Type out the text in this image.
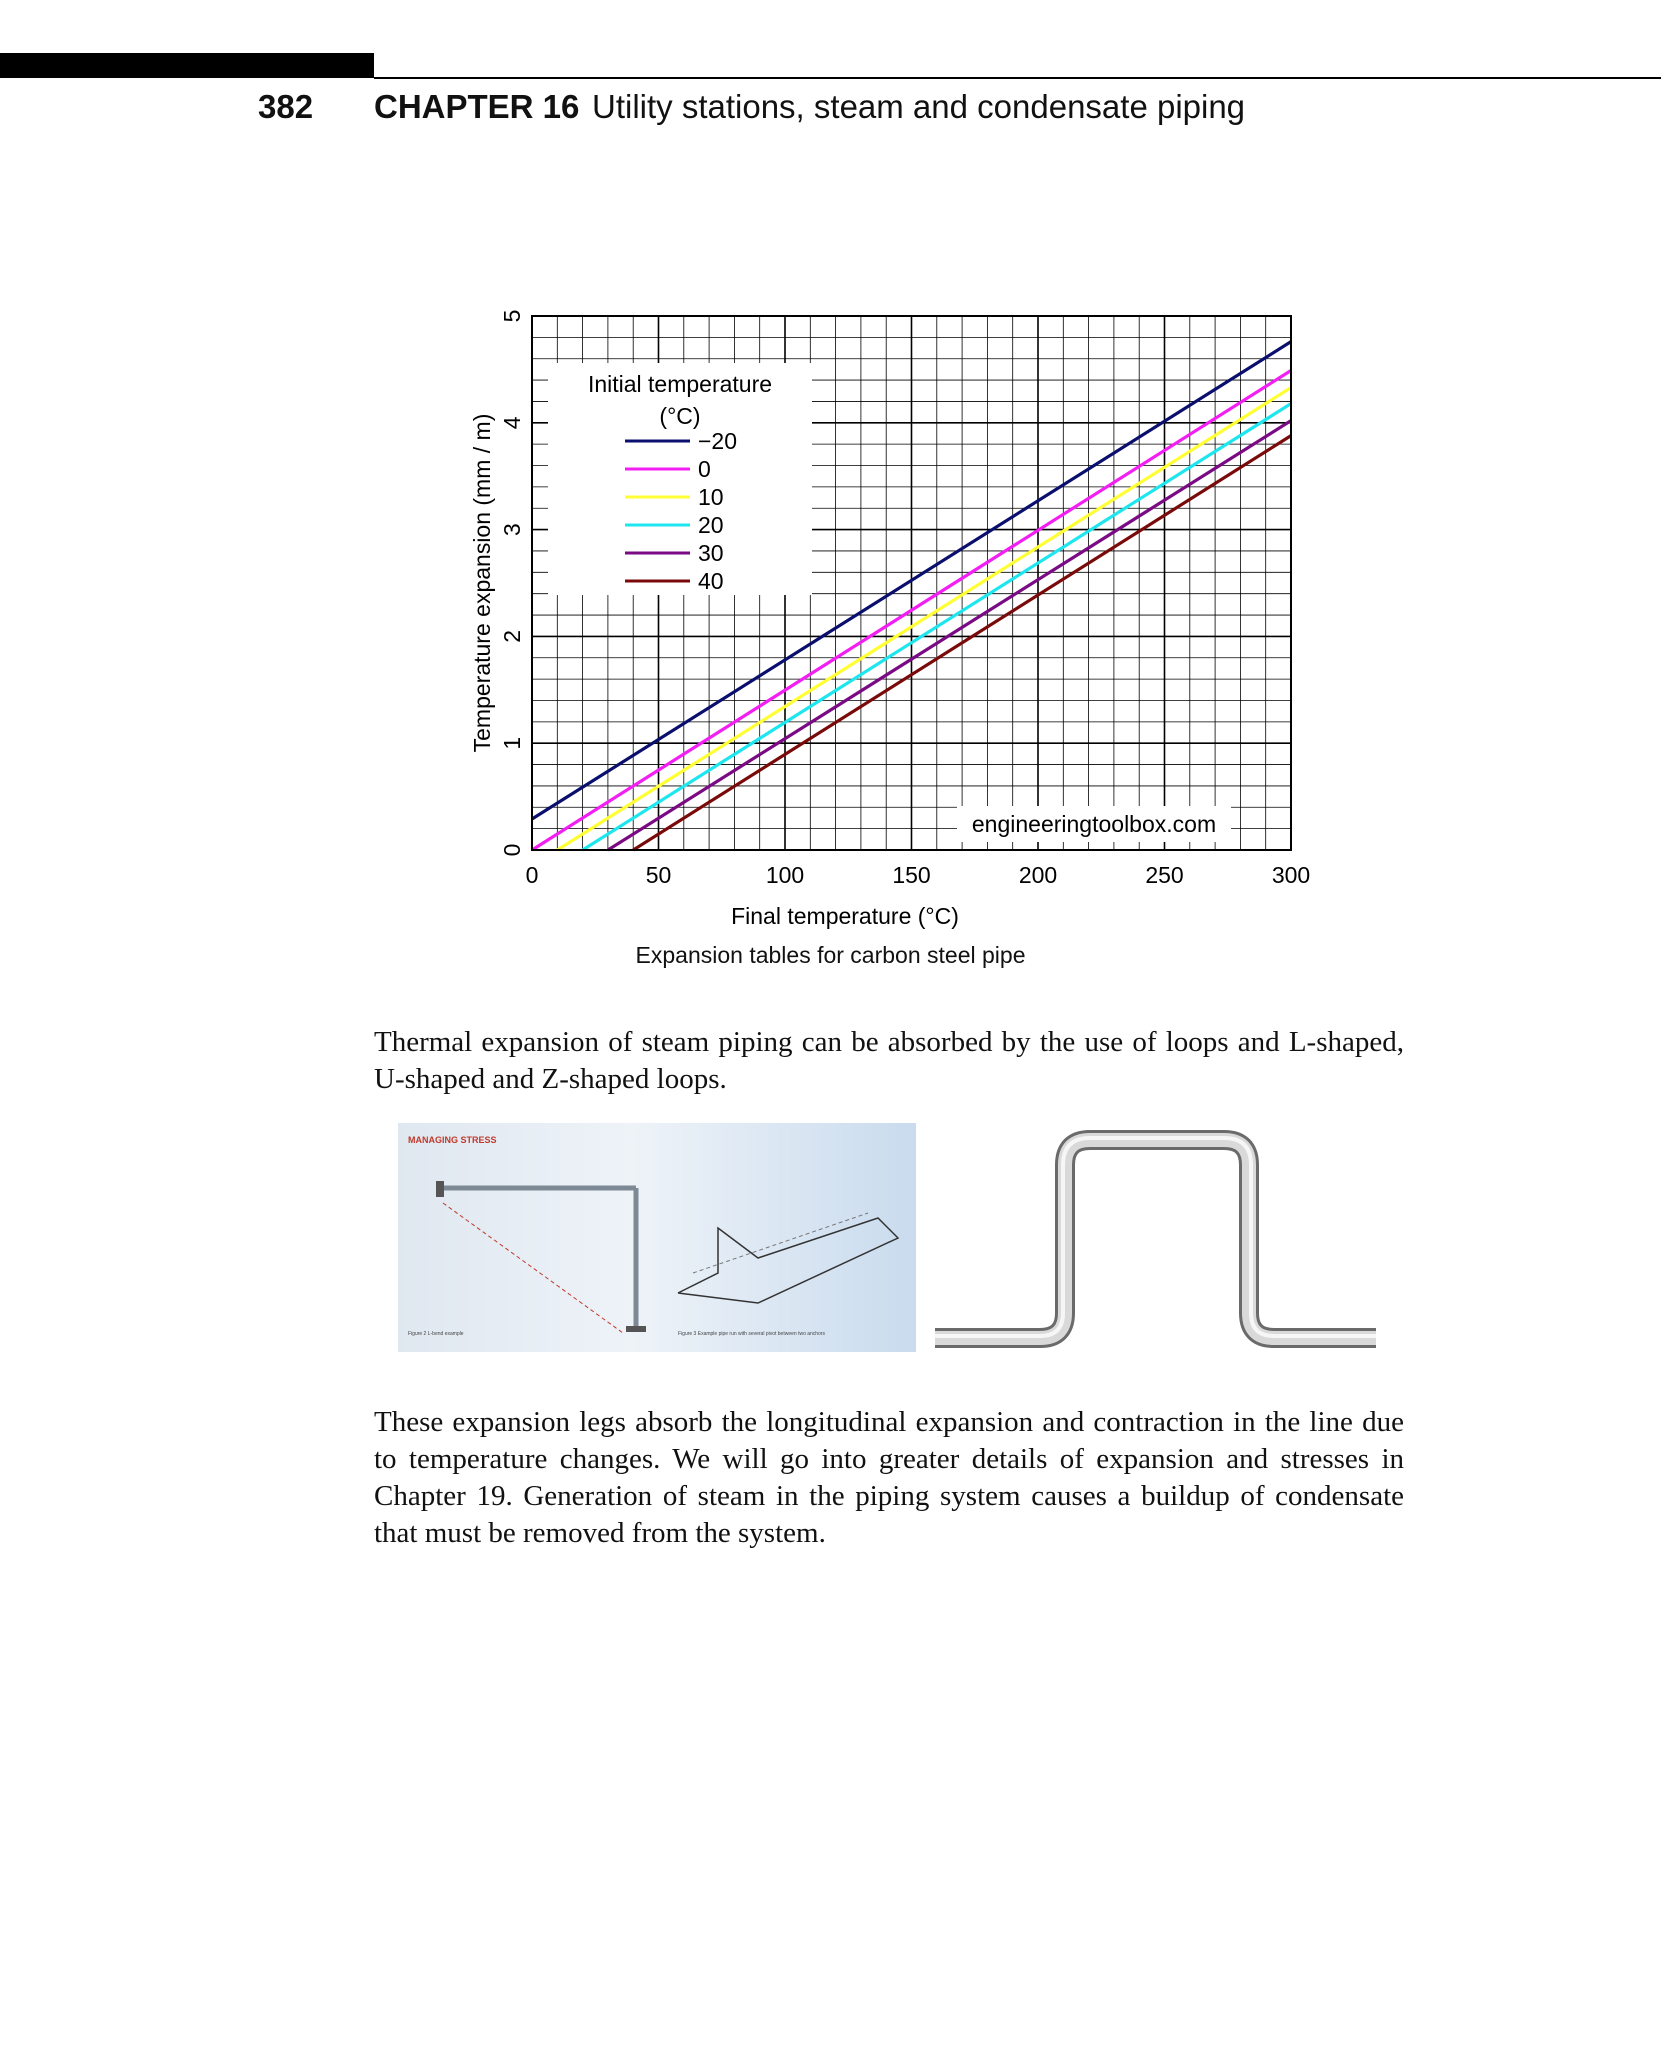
382 CHAPTER 16 Utility stations, steam and condensate piping
0	50	100	150	200	250	300
0
1
2
3
4
5
Initial temperature
(°C)
−20
0
10
20
30
40
engineeringtoolbox.com
Temperature expansion (mm / m)
Final temperature (°C)
Expansion tables for carbon steel pipe
Thermal expansion of steam piping can be absorbed by the use of loops and L-shaped, U-shaped and Z-shaped loops.
MANAGING STRESS
Figure 2 L-bend example	Figure 3 Example pipe run with several pivot between two anchors
These expansion legs absorb the longitudinal expansion and contraction in the line due to temperature changes. We will go into greater details of expansion and stresses in Chapter 19. Generation of steam in the piping system causes a buildup of condensate that must be removed from the system.
